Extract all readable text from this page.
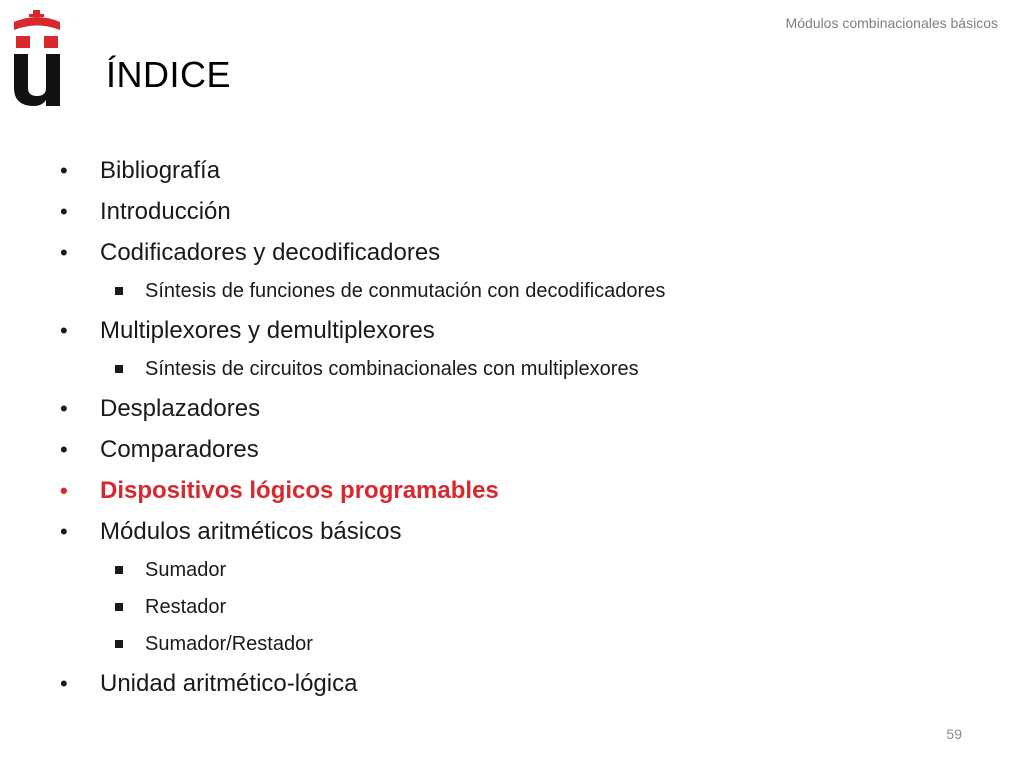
Módulos combinacionales básicos
ÍNDICE
•	Bibliografía
•	Introducción
•	Codificadores y decodificadores
Síntesis de funciones de conmutación con decodificadores
•	Multiplexores y demultiplexores
Síntesis de circuitos combinacionales con multiplexores
•	Desplazadores
•	Comparadores
•	Dispositivos lógicos programables
•	Módulos aritméticos básicos
Sumador
Restador
Sumador/Restador
•	Unidad aritmético-lógica
59
